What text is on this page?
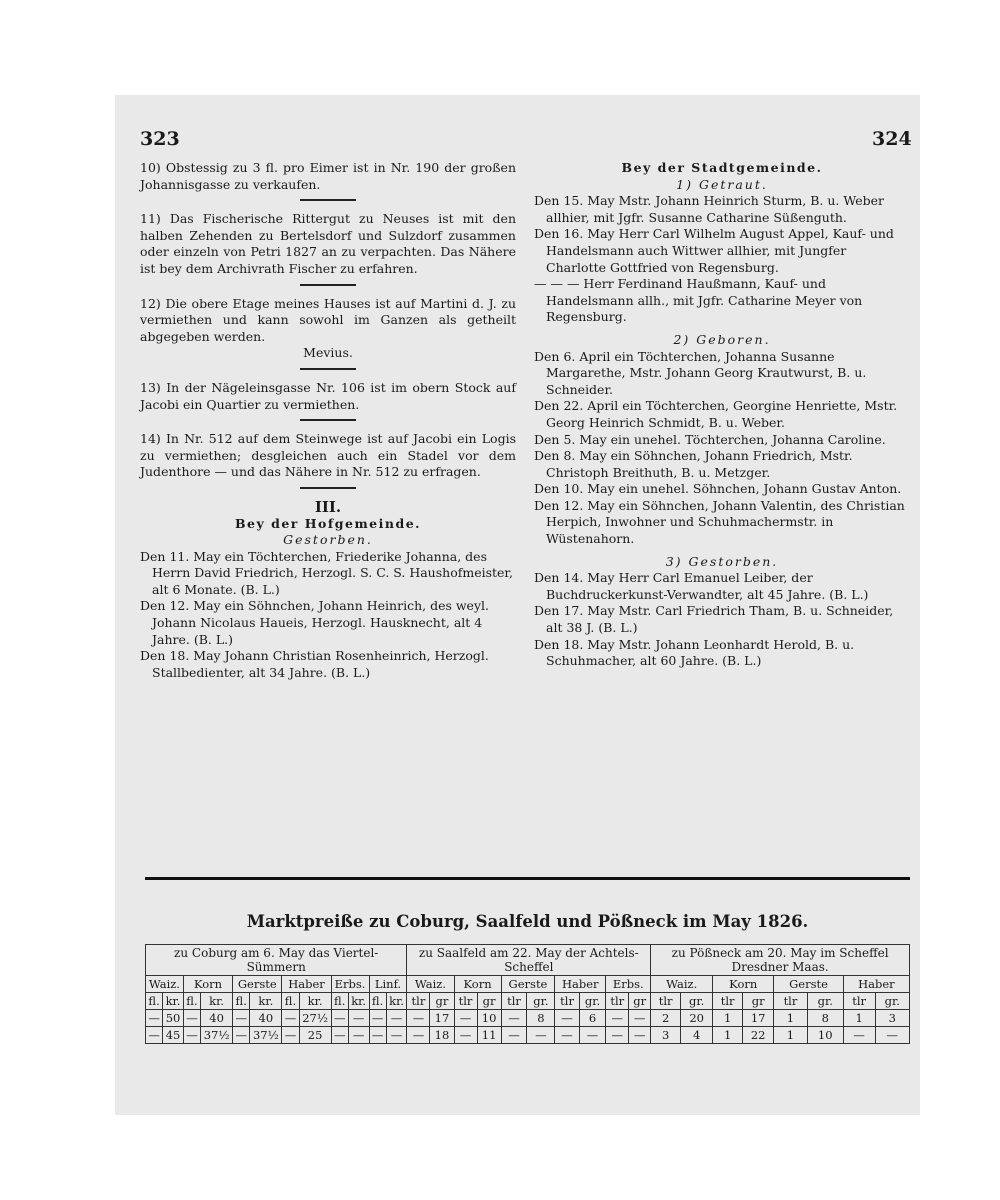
323	324

10) Obstessig zu 3 fl. pro Eimer ist in Nr. 190 der großen Johannisgasse zu verkaufen.

11) Das Fischerische Rittergut zu Neuses ist mit den halben Zehenden zu Bertelsdorf und Sulzdorf zusammen oder einzeln von Petri 1827 an zu verpachten. Das Nähere ist bey dem Archivrath Fischer zu erfahren.

12) Die obere Etage meines Hauses ist auf Martini d. J. zu vermiethen und kann sowohl im Ganzen als getheilt abgegeben werden.

Mevius.

13) In der Nägeleinsgasse Nr. 106 ist im obern Stock auf Jacobi ein Quartier zu vermiethen.

14) In Nr. 512 auf dem Steinwege ist auf Jacobi ein Logis zu vermiethen; desgleichen auch ein Stadel vor dem Judenthore — und das Nähere in Nr. 512 zu erfragen.

III.

Bey der Hofgemeinde.

Gestorben.

Den 11. May ein Töchterchen, Friederike Johanna, des Herrn David Friedrich, Herzogl. S. C. S. Haushofmeister, alt 6 Monate. (B. L.)

Den 12. May ein Söhnchen, Johann Heinrich, des weyl. Johann Nicolaus Haueis, Herzogl. Hausknecht, alt 4 Jahre. (B. L.)

Den 18. May Johann Christian Rosenheinrich, Herzogl. Stallbedienter, alt 34 Jahre. (B. L.)

Bey der Stadtgemeinde.

1) Getraut.

Den 15. May Mstr. Johann Heinrich Sturm, B. u. Weber allhier, mit Jgfr. Susanne Catharine Süßenguth.

Den 16. May Herr Carl Wilhelm August Appel, Kauf- und Handelsmann auch Wittwer allhier, mit Jungfer Charlotte Gottfried von Regensburg.

— — — Herr Ferdinand Haußmann, Kauf- und Handelsmann allh., mit Jgfr. Catharine Meyer von Regensburg.

2) Geboren.

Den 6. April ein Töchterchen, Johanna Susanne Margarethe, Mstr. Johann Georg Krautwurst, B. u. Schneider.

Den 22. April ein Töchterchen, Georgine Henriette, Mstr. Georg Heinrich Schmidt, B. u. Weber.

Den 5. May ein unehel. Töchterchen, Johanna Caroline.

Den 8. May ein Söhnchen, Johann Friedrich, Mstr. Christoph Breithuth, B. u. Metzger.

Den 10. May ein unehel. Söhnchen, Johann Gustav Anton.

Den 12. May ein Söhnchen, Johann Valentin, des Christian Herpich, Inwohner und Schuhmachermstr. in Wüstenahorn.

3) Gestorben.

Den 14. May Herr Carl Emanuel Leiber, der Buchdruckerkunst-Verwandter, alt 45 Jahre. (B. L.)

Den 17. May Mstr. Carl Friedrich Tham, B. u. Schneider, alt 38 J. (B. L.)

Den 18. May Mstr. Johann Leonhardt Herold, B. u. Schuhmacher, alt 60 Jahre. (B. L.)

Marktpreiße zu Coburg, Saalfeld und Pößneck im May 1826.
zu Coburg am 6. May das Viertel-Sümmern												zu Saalfeld am 22. May der Achtels-Scheffel										zu Pößneck am 20. May im Scheffel Dresdner Maas.							
Waiz.		Korn		Gerste		Haber		Erbs.		Linf.		Waiz.		Korn		Gerste		Haber		Erbs.		Waiz.		Korn		Gerste		Haber	
fl.	kr.	fl.	kr.	fl.	kr.	fl.	kr.	fl.	kr.	fl.	kr.	tlr	gr	tlr	gr	tlr	gr.	tlr	gr.	tlr	gr	tlr	gr.	tlr	gr	tlr	gr.	tlr	gr.
—	50	—	40	—	40	—	27½	—	—	—	—	—	17	—	10	—	8	—	6	—	—	2	20	1	17	1	8	1	3
—	45	—	37½	—	37½	—	25	—	—	—	—	—	18	—	11	—	—	—	—	—	—	3	4	1	22	1	10	—	—
